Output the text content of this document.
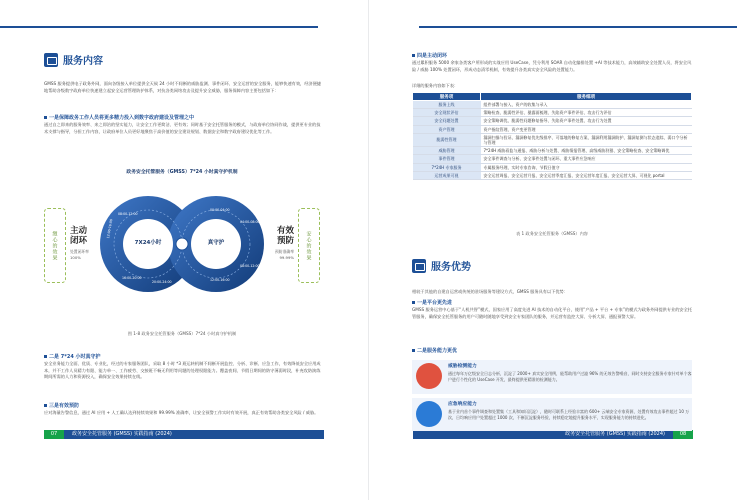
服务内容
GMSS 服务提供电子政务外网，面向各级接入单位提供全天候 24 小时不间断的威胁监测、事件闭环、安全运营的安全服务，能够快速有效，经济便捷地帮助各级数字政府单位快速建立起安全运营管理防护体系，对抗各类网络攻击及提升安全威胁，服务保障内容主要包括如下：
一是保障政务工作人员将更多精力投入到数字政府建设及管理之中
通过自之即来的服务效率、来之即治的坚实能力，让安全工作更简洁、更有效；同时基于安全托管服务的模式，与政府单位协同作战，提供更专业的技术支撑与指导，分担工作内容，让政府单位人员更好地聚焦于高价值的安全建设规划、数据安全和数字政府建设优化等工作。
政务安全托管服务（GMSS）7*24 小时真守护机制
缴心的效果	安心的效果
主动
闭环
处置闭环率
100%
有效
预防
预防准确率
99.99%
7X24小时	真守护
08:00-12:00
12:00-16:00
16:00-20:00
20:00-24:00
00:00-04:00
04:00-08:00
08:00-12:00
12:00-16:00
图 1-8 政务安全托管服务（GMSS）7*24 小时真守护机制
二是 7*24 小时真守护
安全业务能力全面、优质、专业化，经过的专家服务团队，采取 8 小时 *3 班运转机制不间断开展监控、分析、诊断、应急工作，有效降低安全应用成本，并不工作人员精力有限、能力单一、工作疲劳、交接班不畅无利用等问题的处理权限能力。覆盖夜间、节假日期间的防守薄弱时段，补充攻防演练期间所需的人力和资源投入，确保安全效果持续在线。
三是有效预防
应对海量告警信息，通过 AI 应用 + 人工确认达到持续效果和 99.99% 准确率，让安全预警工作实时有效开展，真正有效帮助各类安全风险 / 威胁。
07	政务安全托管服务 (GMSS) 实践指南 (2024)	政务安全托管服务 (GMSS) 实践指南 (2024)	08
四是主动闭环
通过累积服务 5000 余家各类客户所形成的实战应用 UseCase，凭分利用 SOAR 自动化编排处置 +AI 等技术能力，高效辅助安全处置人员，将安全风险 / 威胁 100% 处置闭环，形成动态清零机制，有效提升各类真实安全风险的处置能力。
详细的服务内容如下表：
服务项	服务细项
服务上线	组件部署与接入、资产的收集与录入
安全现状评估	策略检查、脆弱性评估、暴露面梳理、失陷资产事件评估、攻击行为评估
安全问题处置	安全策略调优、脆弱性问题修复指导、失陷资产事件处置、攻击行为处置
资产管理	资产指纹管理、资产变更管理
脆弱性管理	漏洞扫描与验证、漏洞修复优先级排序、可落地的修复方案、漏洞利用漏洞防护、漏洞复测与状态追踪、弱口令分析与管理
威胁管理	7*24H 威胁看监与通报、威胁分析与处置、威胁情报管理、高级威胁狩猎、安全策略检查、安全策略调优
事件管理	安全事件调查与分析、安全事件处置与闭环、重大事件应急响应
7*24H 专家服务	专属服务经理、实时专家咨询、节假日值守
运营成果可视	安全运营周报、安全运营月报、安全运营季度汇报、安全运营年度汇报、安全运营大屏、可视化 portal
表 1 政务安全托管服务（GMSS）内容
服务优势
相较于其他的自建自运营或传统的驻场服务等建设方式，GMSS 服务具有以下优势：
一是平台更先进
GMSS 服务运营中心基于“人机共智”模式，国家应用了高度先进 AI 技术的自动化平台，使用“产品 + 平台 + 专家”的模式为政务外网提供专业的安全托管服务，确保安全托管服务的用户可随时随地享受到安全专家团队的服务，并运营有监控大屏、分析大屏、通报预警大屏。
二是服务能力更优
威胁检测能力
通过每年万亿级安全日志分析，沉淀了 2000+ 真实安全用例，能帮助用户过滤 96% 的无效告警噪音，同时支持安全服务专家针对单个客户进行个性化的 UseCase 开发，最终提供更精准的检测能力。
应急响应能力
基于业内首个事件调查和处置集（工具和知识沉淀），随时可联系上经验丰富的 600+ 云端安全专家资源，处置有效攻击事件超过 10 万次，日均响应用户处置超过 1000 次，不断沉淀服务经验，持续稳定地提升服务水平，实现服务能力的持续进化。
